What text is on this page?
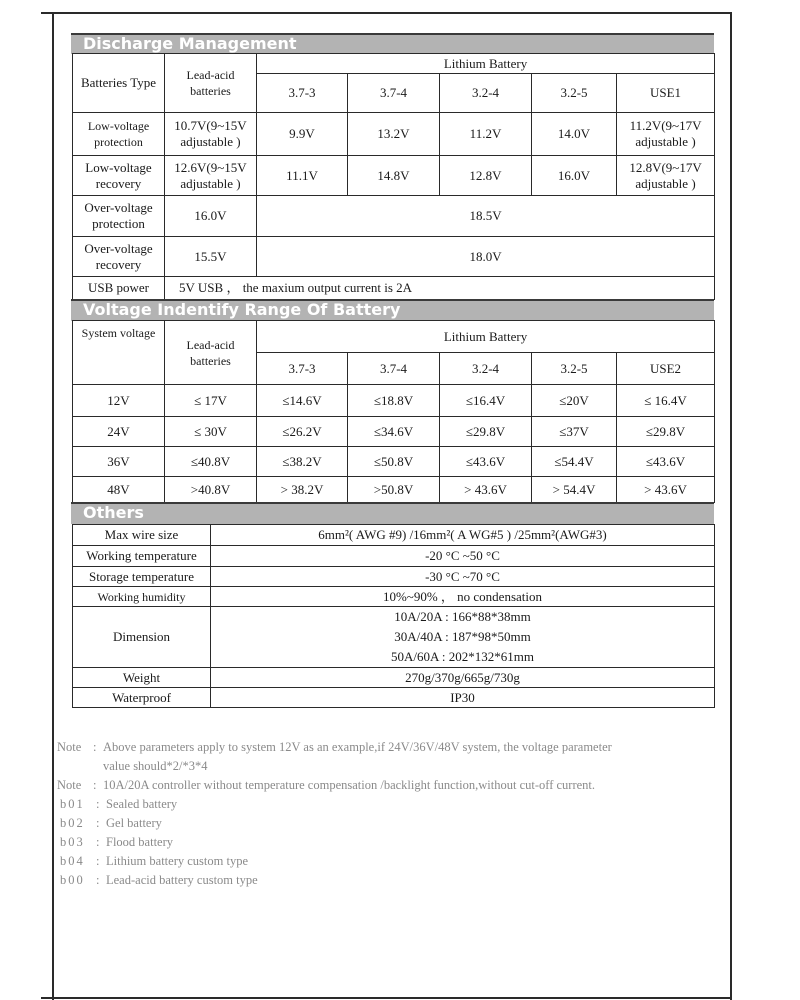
Discharge Management
Batteries Type	Lead-acid batteries	Lithium Battery				
		3.7-3	3.7-4	3.2-4	3.2-5	USE1
Low-voltage protection	10.7V(9~15V adjustable )	9.9V	13.2V	11.2V	14.0V	11.2V(9~17V adjustable )
Low-voltage recovery	12.6V(9~15V adjustable )	11.1V	14.8V	12.8V	16.0V	12.8V(9~17V adjustable )
Over-voltage protection	16.0V	18.5V				
Over-voltage recovery	15.5V	18.0V				
USB power	5V USB ， the maxium output current is 2A					
Voltage Indentify Range Of Battery
System voltage	Lead-acid batteries	Lithium Battery				
		3.7-3	3.7-4	3.2-4	3.2-5	USE2
12V	≤ 17V	≤14.6V	≤18.8V	≤16.4V	≤20V	≤ 16.4V
24V	≤ 30V	≤26.2V	≤34.6V	≤29.8V	≤37V	≤29.8V
36V	≤40.8V	≤38.2V	≤50.8V	≤43.6V	≤54.4V	≤43.6V
48V	>40.8V	> 38.2V	>50.8V	> 43.6V	> 54.4V	> 43.6V
Others
Max wire size	6mm²( AWG #9) /16mm²( A WG#5 ) /25mm²(AWG#3)
Working temperature	-20 °C ~50 °C
Storage temperature	-30 °C ~70 °C
Working humidity	10%~90% ， no condensation
Dimension	10A/20A : 166*88*38mm
30A/40A : 187*98*50mm
50A/60A : 202*132*61mm

Weight	270g/370g/665g/730g
Waterproof	IP30
Note : Above parameters apply to system 12V as an example,if 24V/36V/48V system, the voltage parameter
value should*2/*3*4
Note : 10A/20A controller without temperature compensation /backlight function,without cut-off current.
b01 : Sealed battery
b02 : Gel battery
b03 : Flood battery
b04 : Lithium battery custom type
b00 : Lead-acid battery custom type
